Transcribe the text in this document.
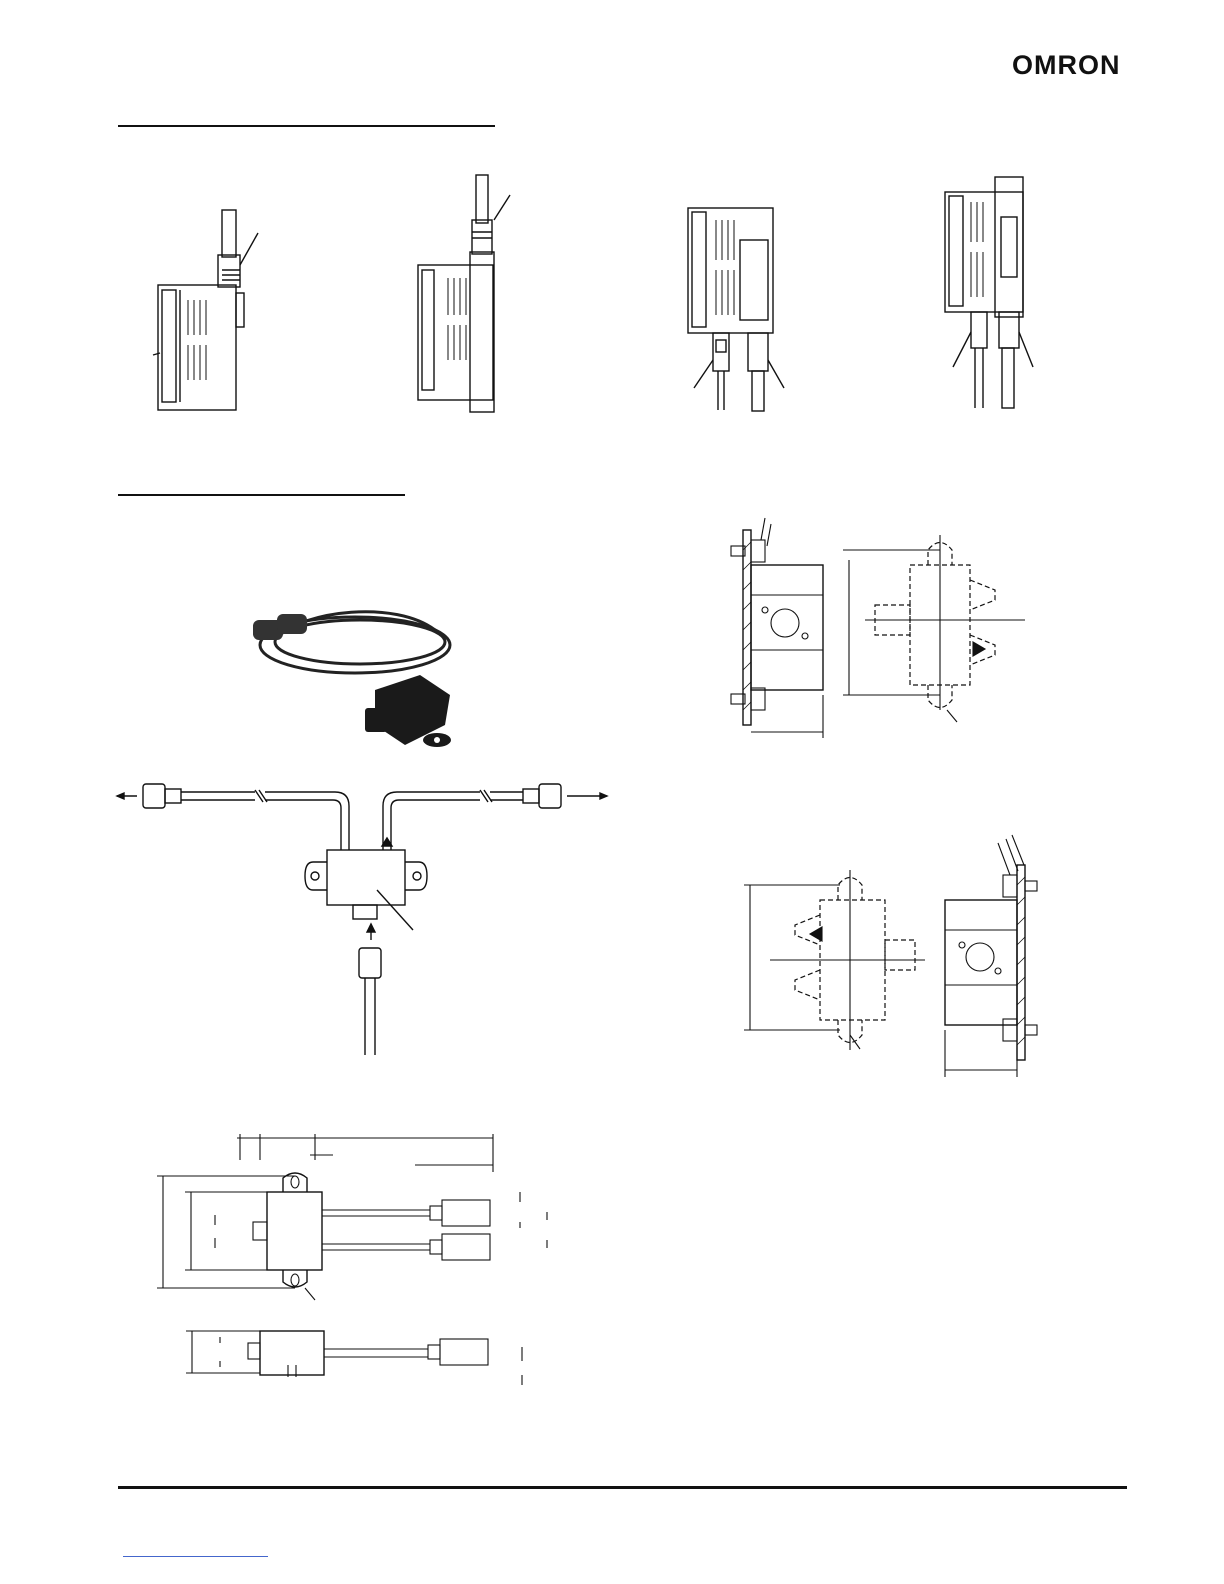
OMRON
